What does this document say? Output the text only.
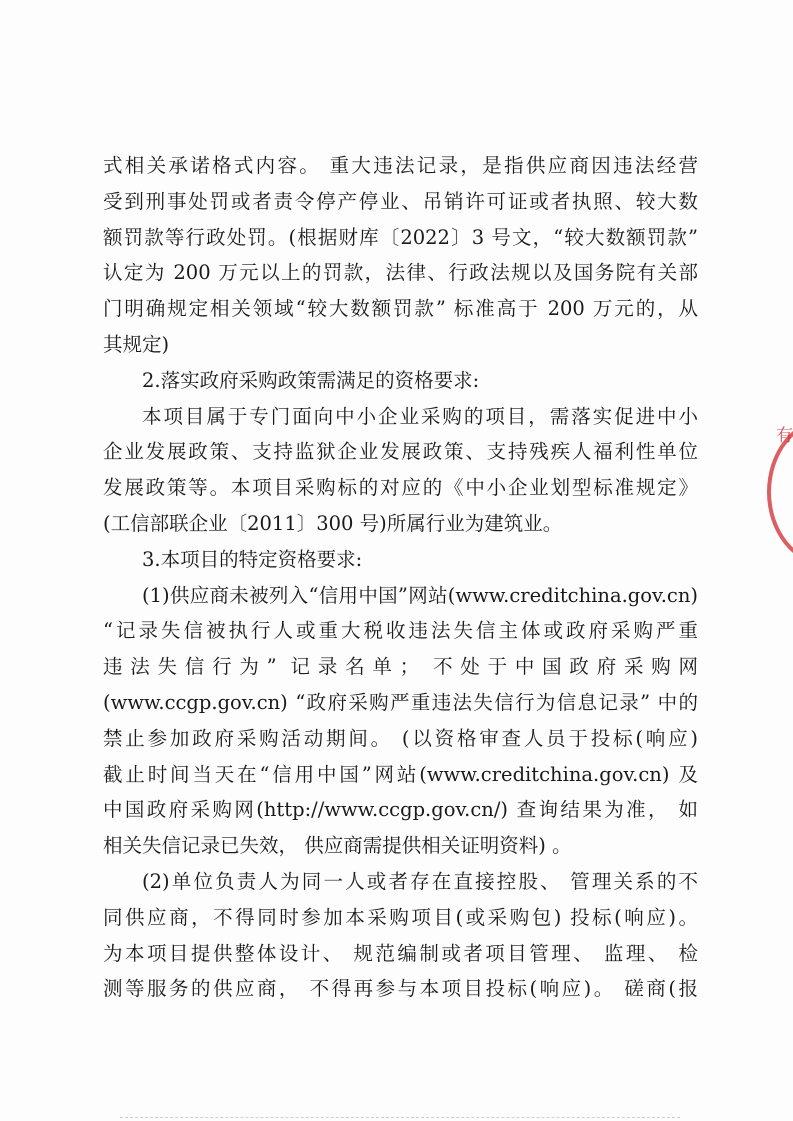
式相关承诺格式内容。 重大违法记录，是指供应商因违法经营
受到刑事处罚或者责令停产停业、吊销许可证或者执照、较大数
额罚款等行政处罚。(根据财库〔2022〕3 号文，“较大数额罚款”
认定为 200 万元以上的罚款，法律、行政法规以及国务院有关部
门明确规定相关领域“较大数额罚款” 标准高于 200 万元的，从
其规定)
2.落实政府采购政策需满足的资格要求:
本项目属于专门面向中小企业采购的项目，需落实促进中小
企业发展政策、支持监狱企业发展政策、支持残疾人福利性单位
发展政策等。本项目采购标的对应的《中小企业划型标准规定》
(工信部联企业〔2011〕300 号)所属行业为建筑业。
3.本项目的特定资格要求:
(1)供应商未被列入“信用中国”网站(www.creditchina.gov.cn)
“记录失信被执行人或重大税收违法失信主体或政府采购严重
违法失信行为” 记录名单； 不处于中国政府采购网
(www.ccgp.gov.cn) “政府采购严重违法失信行为信息记录” 中的
禁止参加政府采购活动期间。 (以资格审查人员于投标(响应)
截止时间当天在“信用中国”网站(www.creditchina.gov.cn) 及
中国政府采购网(http://www.ccgp.gov.cn/) 查询结果为准， 如
相关失信记录已失效， 供应商需提供相关证明资料) 。
(2)单位负责人为同一人或者存在直接控股、 管理关系的不
同供应商，不得同时参加本采购项目(或采购包) 投标(响应)。
为本项目提供整体设计、 规范编制或者项目管理、 监理、 检
测等服务的供应商， 不得再参与本项目投标(响应)。 磋商(报
有
